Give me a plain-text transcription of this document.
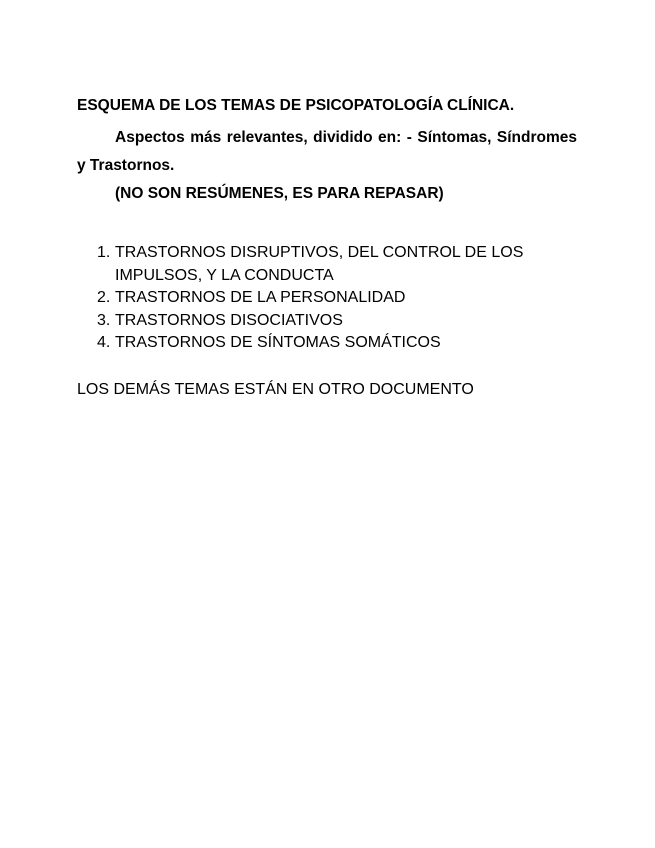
ESQUEMA DE LOS TEMAS DE PSICOPATOLOGÍA CLÍNICA.

Aspectos más relevantes, dividido en: - Síntomas, Síndromes y Trastornos.

(NO SON RESÚMENES, ES PARA REPASAR)

1. TRASTORNOS DISRUPTIVOS, DEL CONTROL DE LOS IMPULSOS, Y LA CONDUCTA
2. TRASTORNOS DE LA PERSONALIDAD
3. TRASTORNOS DISOCIATIVOS
4. TRASTORNOS DE SÍNTOMAS SOMÁTICOS

LOS DEMÁS TEMAS ESTÁN EN OTRO DOCUMENTO
